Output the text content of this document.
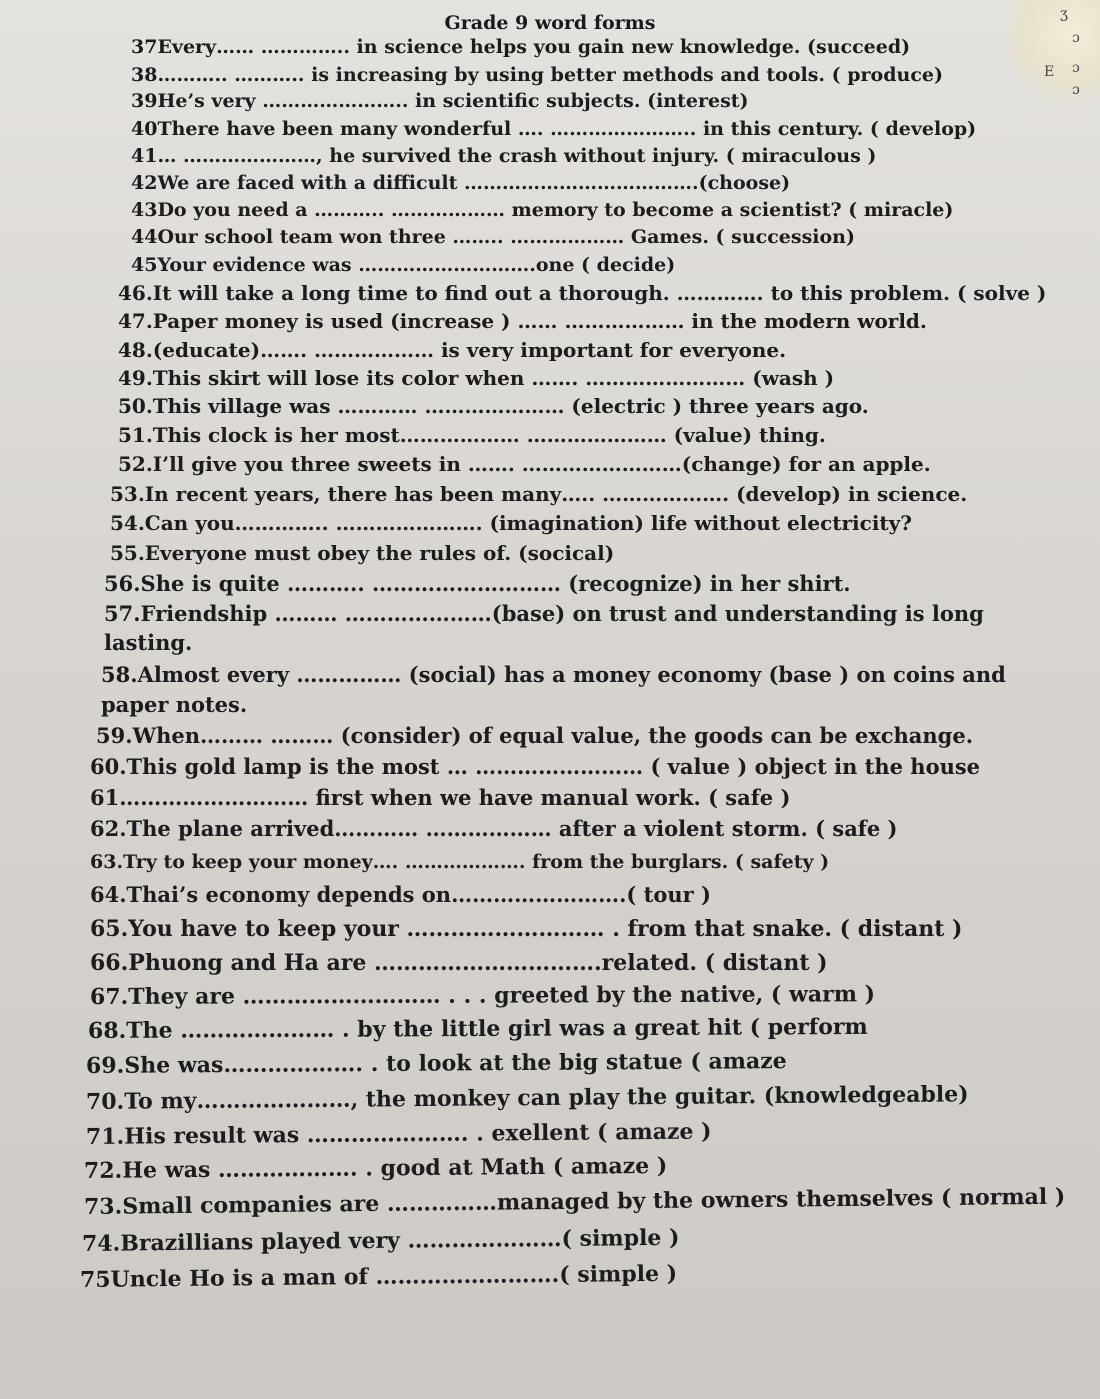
ʒ
ɔ
E ɔ
ɔ
Grade 9 word forms
37Every…… ………….. in science helps you gain new knowledge. (succeed)
38……….. ……….. is increasing by using better methods and tools. ( produce)
39He’s very ………………….. in scientific subjects. (interest)
40There have been many wonderful …. ………………….. in this century. ( develop)
41… …………………, he survived the crash without injury. ( miraculous )
42We are faced with a difficult ……………………………….(choose)
43Do you need a ……….. ……………… memory to become a scientist? ( miracle)
44Our school team won three …….. ……………… Games. ( succession)
45Your evidence was ……………………….one ( decide)
46.It will take a long time to find out a thorough. …………. to this problem. ( solve )
47.Paper money is used (increase ) …… ……………… in the modern world.
48.(educate)……. ……………… is very important for everyone.
49.This skirt will lose its color when ……. …………………… (wash )
50.This village was ………… ………………… (electric ) three years ago.
51.This clock is her most……………… ………………… (value) thing.
52.I’ll give you three sweets in ……. ……………………(change) for an apple.
53.In recent years, there has been many….. ………………. (develop) in science.
54.Can you………….. …………………. (imagination) life without electricity?
55.Everyone must obey the rules of. (socical)
56.She is quite ……….. ……………………… (recognize) in her shirt.
57.Friendship ……… …………………(base) on trust and understanding is long
lasting.
58.Almost every …………… (social) has a money economy (base ) on coins and
paper notes.
59.When……… ……… (consider) of equal value, the goods can be exchange.
60.This gold lamp is the most … …………………… ( value ) object in the house
61……………………… first when we have manual work. ( safe )
62.The plane arrived………… ……………… after a violent storm. ( safe )
63.Try to keep your money…. ………………. from the burglars. ( safety )
64.Thai’s economy depends on…………………….( tour )
65.You have to keep your ……………………… . from that snake. ( distant )
66.Phuong and Ha are ………………………….related. ( distant )
67.They are ……………………… . . . greeted by the native, ( warm )
68.The ………………… . by the little girl was a great hit ( perform
69.She was………………. . to look at the big statue ( amaze
70.To my…………………, the monkey can play the guitar. (knowledgeable)
71.His result was …………………. . exellent ( amaze )
72.He was ………………. . good at Math ( amaze )
73.Small companies are ……………managed by the owners themselves ( normal )
74.Brazillians played very …………………( simple )
75Uncle Ho is a man of …………………….( simple )
